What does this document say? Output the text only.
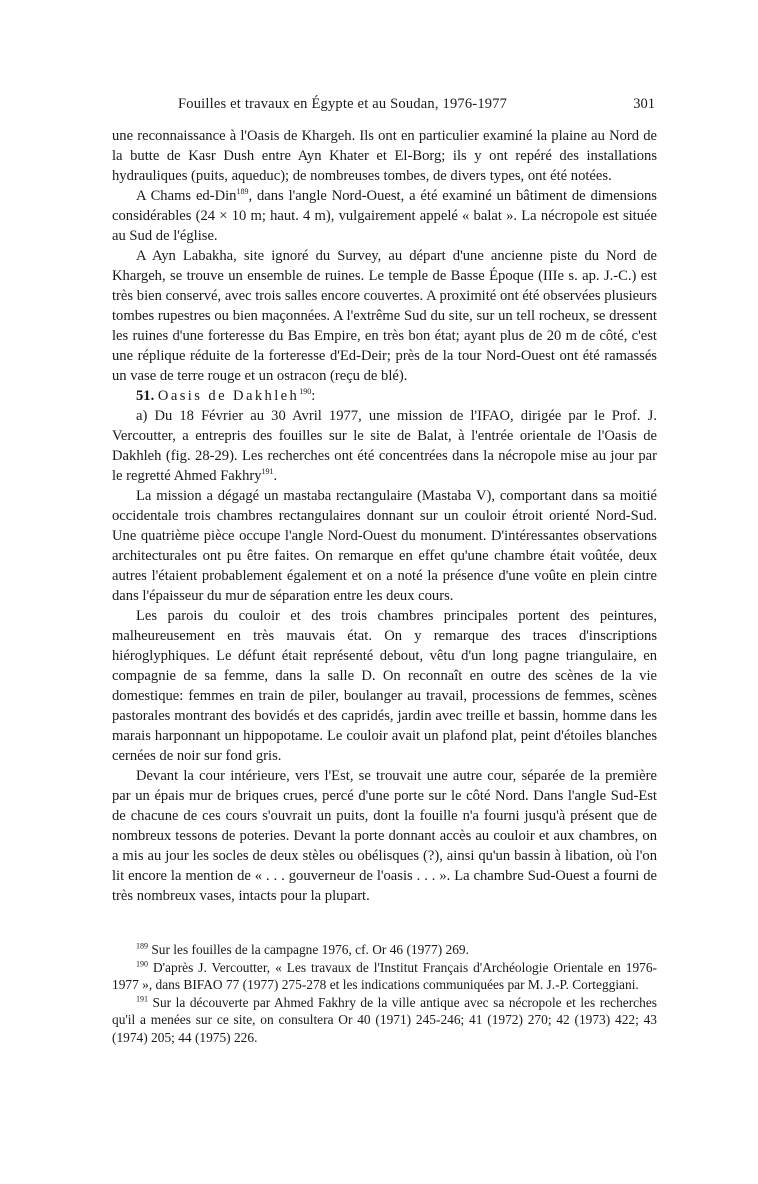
Fouilles et travaux en Égypte et au Soudan, 1976-1977	301

une reconnaissance à l'Oasis de Khargeh. Ils ont en particulier examiné la plaine au Nord de la butte de Kasr Dush entre Ayn Khater et El-Borg; ils y ont repéré des installations hydrauliques (puits, aqueduc); de nombreuses tombes, de divers types, ont été notées.

A Chams ed-Din$^{189}$, dans l'angle Nord-Ouest, a été examiné un bâtiment de dimensions considérables (24 × 10 m; haut. 4 m), vulgairement appelé « balat ». La nécropole est située au Sud de l'église.

A Ayn Labakha, site ignoré du Survey, au départ d'une ancienne piste du Nord de Khargeh, se trouve un ensemble de ruines. Le temple de Basse Époque (IIIe s. ap. J.-C.) est très bien conservé, avec trois salles encore couvertes. A proximité ont été observées plusieurs tombes rupestres ou bien maçonnées. A l'extrême Sud du site, sur un tell rocheux, se dressent les ruines d'une forteresse du Bas Empire, en très bon état; ayant plus de 20 m de côté, c'est une réplique réduite de la forteresse d'Ed-Deir; près de la tour Nord-Ouest ont été ramassés un vase de terre rouge et un ostracon (reçu de blé).

51. Oasis de Dakhleh$^{190}$:

a) Du 18 Février au 30 Avril 1977, une mission de l'IFAO, dirigée par le Prof. J. Vercoutter, a entrepris des fouilles sur le site de Balat, à l'entrée orientale de l'Oasis de Dakhleh (fig. 28-29). Les recherches ont été concentrées dans la nécropole mise au jour par le regretté Ahmed Fakhry$^{191}$.

La mission a dégagé un mastaba rectangulaire (Mastaba V), comportant dans sa moitié occidentale trois chambres rectangulaires donnant sur un couloir étroit orienté Nord-Sud. Une quatrième pièce occupe l'angle Nord-Ouest du monument. D'intéressantes observations architecturales ont pu être faites. On remarque en effet qu'une chambre était voûtée, deux autres l'étaient probablement également et on a noté la présence d'une voûte en plein cintre dans l'épaisseur du mur de séparation entre les deux cours.

Les parois du couloir et des trois chambres principales portent des peintures, malheureusement en très mauvais état. On y remarque des traces d'inscriptions hiéroglyphiques. Le défunt était représenté debout, vêtu d'un long pagne triangulaire, en compagnie de sa femme, dans la salle D. On reconnaît en outre des scènes de la vie domestique: femmes en train de piler, boulanger au travail, processions de femmes, scènes pastorales montrant des bovidés et des capridés, jardin avec treille et bassin, homme dans les marais harponnant un hippopotame. Le couloir avait un plafond plat, peint d'étoiles blanches cernées de noir sur fond gris.

Devant la cour intérieure, vers l'Est, se trouvait une autre cour, séparée de la première par un épais mur de briques crues, percé d'une porte sur le côté Nord. Dans l'angle Sud-Est de chacune de ces cours s'ouvrait un puits, dont la fouille n'a fourni jusqu'à présent que de nombreux tessons de poteries. Devant la porte donnant accès au couloir et aux chambres, on a mis au jour les socles de deux stèles ou obélisques (?), ainsi qu'un bassin à libation, où l'on lit encore la mention de « . . . gouverneur de l'oasis . . . ». La chambre Sud-Ouest a fourni de très nombreux vases, intacts pour la plupart.

$^{189}$ Sur les fouilles de la campagne 1976, cf. Or 46 (1977) 269.

$^{190}$ D'après J. Vercoutter, « Les travaux de l'Institut Français d'Archéologie Orientale en 1976-1977 », dans BIFAO 77 (1977) 275-278 et les indications communiquées par M. J.-P. Corteggiani.

$^{191}$ Sur la découverte par Ahmed Fakhry de la ville antique avec sa nécropole et les recherches qu'il a menées sur ce site, on consultera Or 40 (1971) 245-246; 41 (1972) 270; 42 (1973) 422; 43 (1974) 205; 44 (1975) 226.
